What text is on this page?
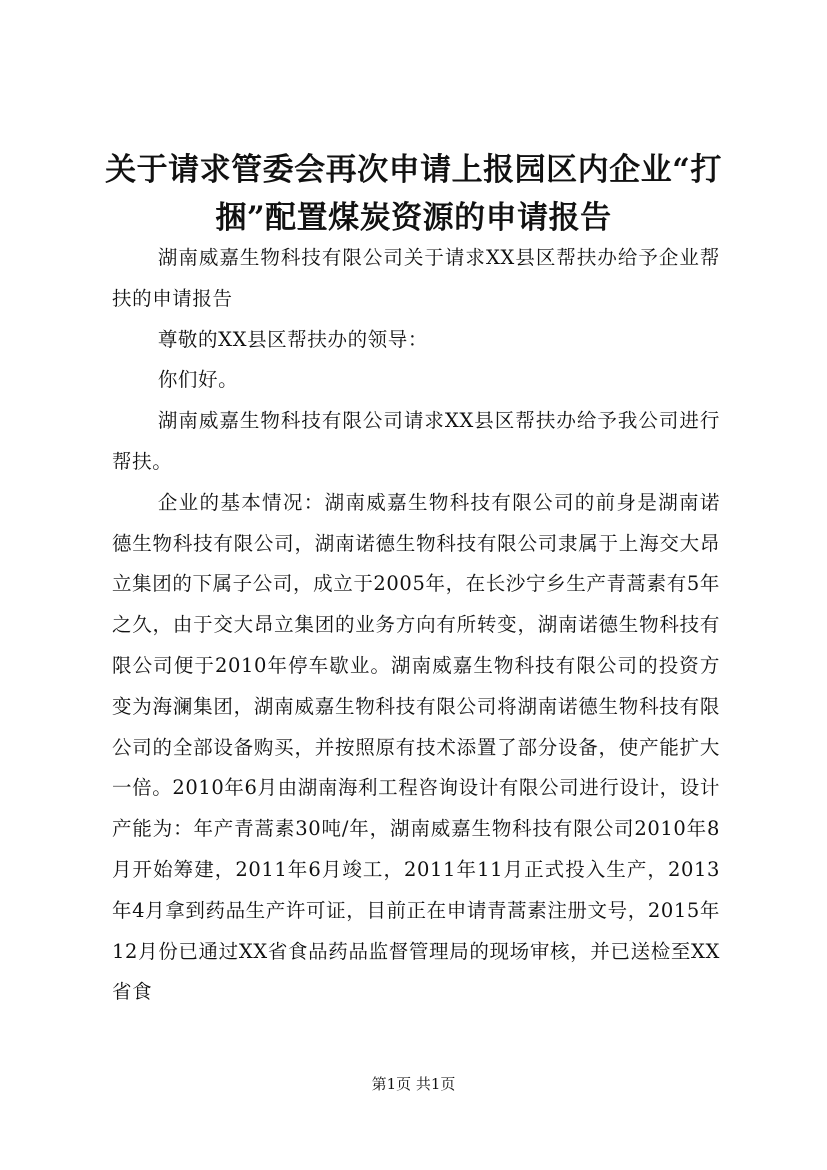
关于请求管委会再次申请上报园区内企业“打捆”配置煤炭资源的申请报告

湖南威嘉生物科技有限公司关于请求XX县区帮扶办给予企业帮扶的申请报告

尊敬的XX县区帮扶办的领导：

你们好。

湖南威嘉生物科技有限公司请求XX县区帮扶办给予我公司进行帮扶。

企业的基本情况：湖南威嘉生物科技有限公司的前身是湖南诺德生物科技有限公司，湖南诺德生物科技有限公司隶属于上海交大昂立集团的下属子公司，成立于2005年，在长沙宁乡生产青蒿素有5年之久，由于交大昂立集团的业务方向有所转变，湖南诺德生物科技有限公司便于2010年停车歇业。湖南威嘉生物科技有限公司的投资方变为海澜集团，湖南威嘉生物科技有限公司将湖南诺德生物科技有限公司的全部设备购买，并按照原有技术添置了部分设备，使产能扩大一倍。2010年6月由湖南海利工程咨询设计有限公司进行设计，设计产能为：年产青蒿素30吨/年，湖南威嘉生物科技有限公司2010年8月开始筹建，2011年6月竣工，2011年11月正式投入生产，2013年4月拿到药品生产许可证，目前正在申请青蒿素注册文号，2015年12月份已通过XX省食品药品监督管理局的现场审核，并已送检至XX省食

第1页 共1页
